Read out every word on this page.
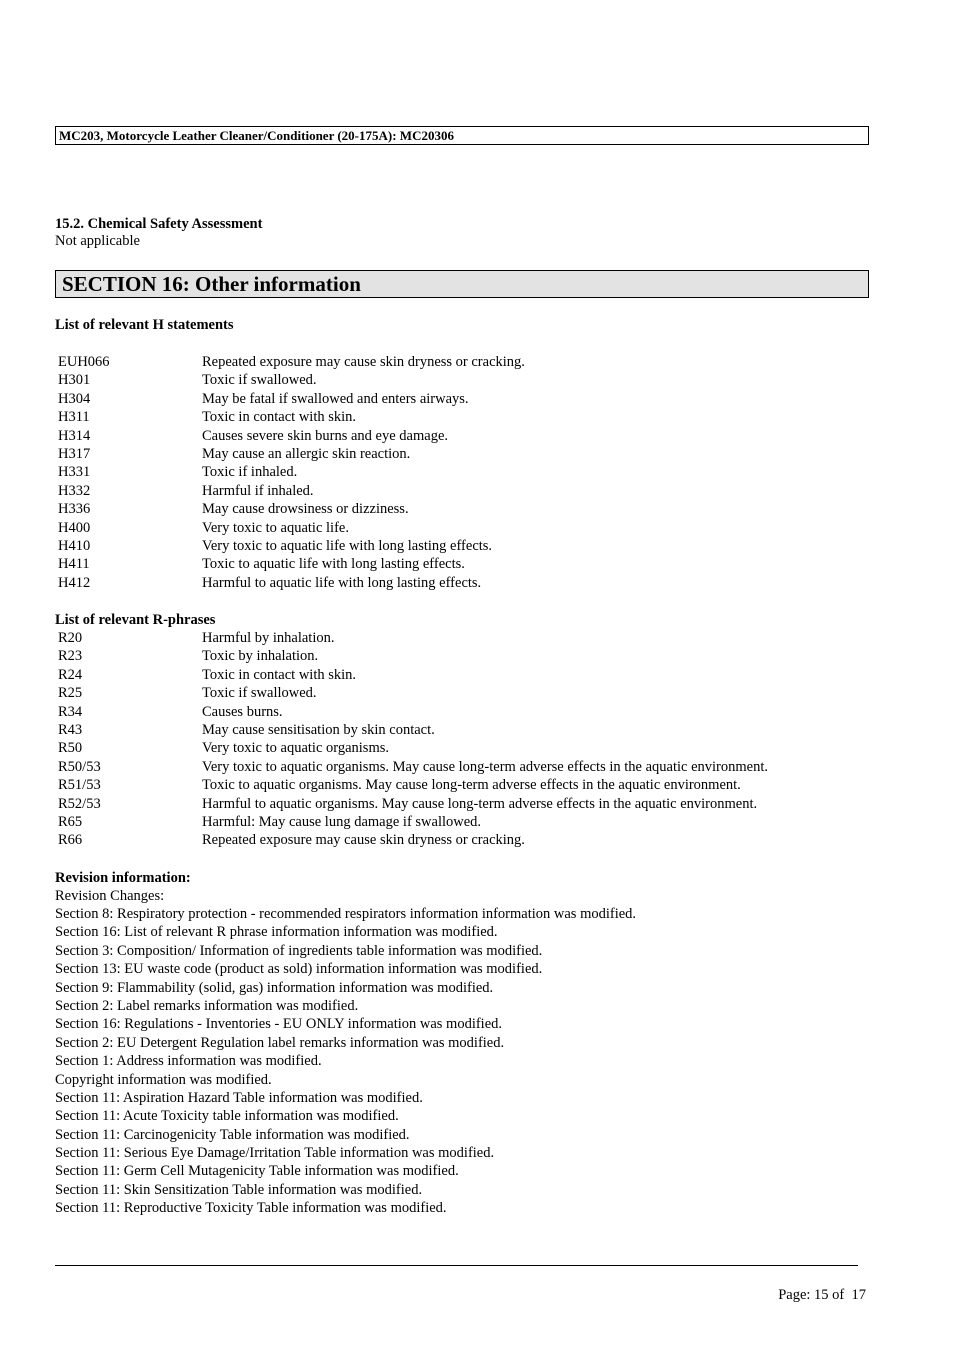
MC203, Motorcycle Leather Cleaner/Conditioner (20-175A): MC20306
15.2. Chemical Safety Assessment
Not applicable
SECTION 16: Other information
List of relevant H statements
EUH066	Repeated exposure may cause skin dryness or cracking.
H301	Toxic if swallowed.
H304	May be fatal if swallowed and enters airways.
H311	Toxic in contact with skin.
H314	Causes severe skin burns and eye damage.
H317	May cause an allergic skin reaction.
H331	Toxic if inhaled.
H332	Harmful if inhaled.
H336	May cause drowsiness or dizziness.
H400	Very toxic to aquatic life.
H410	Very toxic to aquatic life with long lasting effects.
H411	Toxic to aquatic life with long lasting effects.
H412	Harmful to aquatic life with long lasting effects.
List of relevant R-phrases
R20	Harmful by inhalation.
R23	Toxic by inhalation.
R24	Toxic in contact with skin.
R25	Toxic if swallowed.
R34	Causes burns.
R43	May cause sensitisation by skin contact.
R50	Very toxic to aquatic organisms.
R50/53	Very toxic to aquatic organisms. May cause long-term adverse effects in the aquatic environment.
R51/53	Toxic to aquatic organisms. May cause long-term adverse effects in the aquatic environment.
R52/53	Harmful to aquatic organisms. May cause long-term adverse effects in the aquatic environment.
R65	Harmful: May cause lung damage if swallowed.
R66	Repeated exposure may cause skin dryness or cracking.
Revision information:
Revision Changes:
Section 8: Respiratory protection - recommended respirators information information was modified.
Section 16: List of relevant R phrase information information was modified.
Section 3: Composition/ Information of ingredients table information was modified.
Section 13: EU waste code (product as sold) information information was modified.
Section 9: Flammability (solid, gas) information information was modified.
Section 2: Label remarks information was modified.
Section 16: Regulations - Inventories - EU ONLY information was modified.
Section 2: EU Detergent Regulation label remarks information was modified.
Section 1: Address information was modified.
Copyright information was modified.
Section 11: Aspiration Hazard Table information was modified.
Section 11: Acute Toxicity table information was modified.
Section 11: Carcinogenicity Table information was modified.
Section 11: Serious Eye Damage/Irritation Table information was modified.
Section 11: Germ Cell Mutagenicity Table information was modified.
Section 11: Skin Sensitization Table information was modified.
Section 11: Reproductive Toxicity Table information was modified.
Page: 15 of  17
